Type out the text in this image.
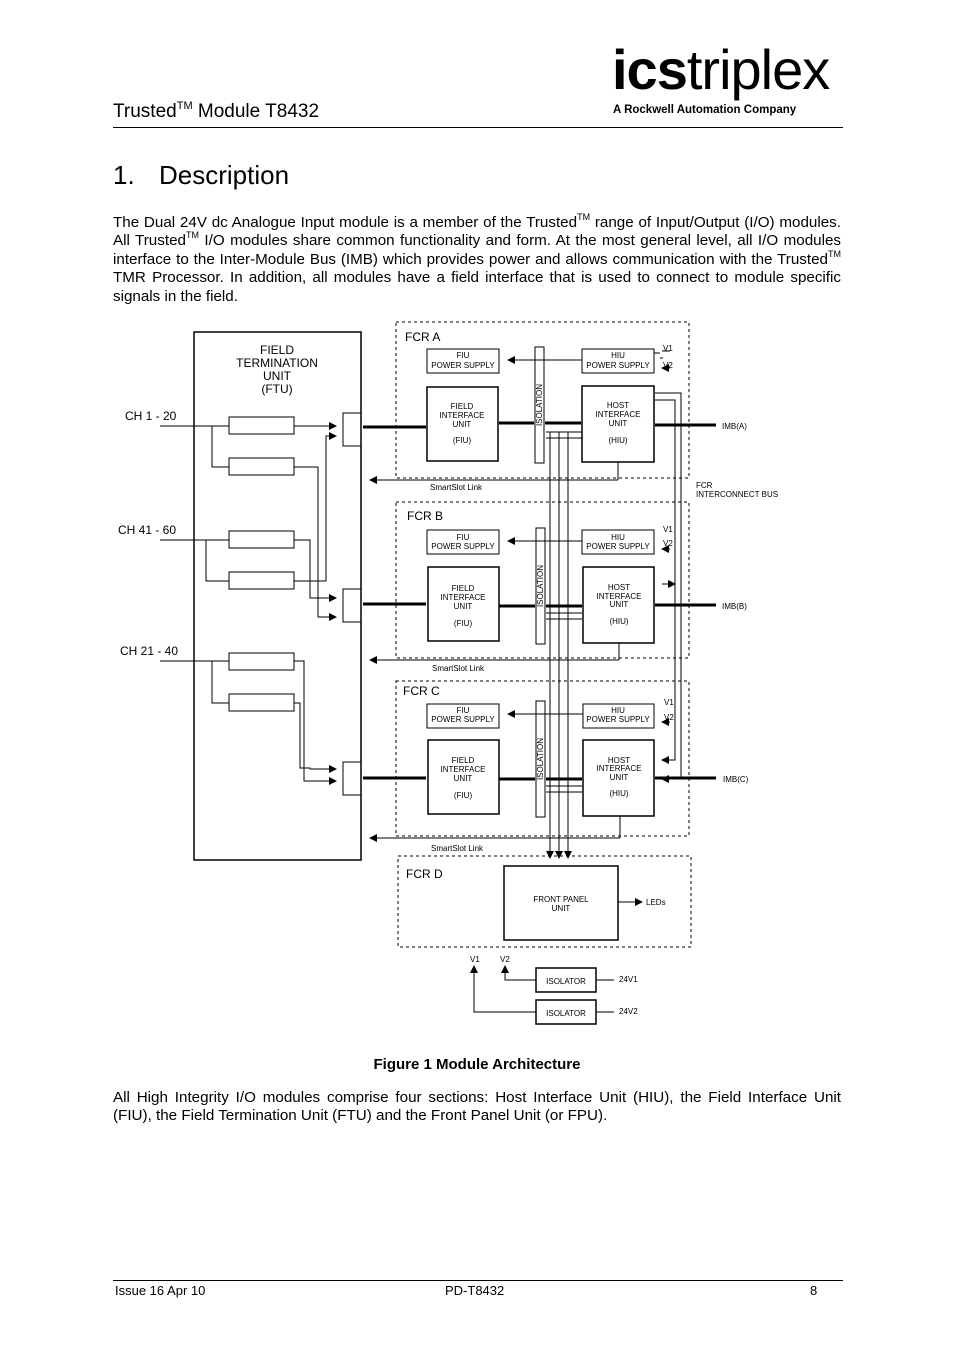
Trusted™ Module T8432
icstriplex
A Rockwell Automation Company
1. Description
The Dual 24V dc Analogue Input module is a member of the Trusted™ range of Input/Output (I/O) modules. All Trusted™ I/O modules share common functionality and form. At the most general level, all I/O modules interface to the Inter-Module Bus (IMB) which provides power and allows communication with the Trusted™ TMR Processor. In addition, all modules have a field interface that is used to connect to module specific signals in the field.
FIELD
TERMINATION
UNIT
(FTU)
CH 1 - 20
CH 41 - 60
CH 21 - 40
FCR A
FCR B
FCR C
FCR D
FIU
POWER SUPPLY
HIU
POWER SUPPLY
FIELD
INTERFACE
UNIT
(FIU)
HOST
INTERFACE
UNIT
(HIU)
ISOLATION
V1
V2
SmartSlot Link
IMB(A)
FIU
POWER SUPPLY
HIU
POWER SUPPLY
FIELD
INTERFACE
UNIT
(FIU)
HOST
INTERFACE
UNIT
(HIU)
ISOLATION
V1
V2
SmartSlot Link
IMB(B)
FIU
POWER SUPPLY
HIU
POWER SUPPLY
FIELD
INTERFACE
UNIT
(FIU)
HOST
INTERFACE
UNIT
(HIU)
ISOLATION
V1
V2
SmartSlot Link
IMB(C)
FCR
INTERCONNECT BUS
FRONT PANEL
UNIT
LEDs
ISOLATOR
ISOLATOR
24V1
24V2
V1	V2
Figure 1 Module Architecture
All High Integrity I/O modules comprise four sections: Host Interface Unit (HIU), the Field Interface Unit (FIU), the Field Termination Unit (FTU) and the Front Panel Unit (or FPU).
Issue 16 Apr 10	PD-T8432	8
